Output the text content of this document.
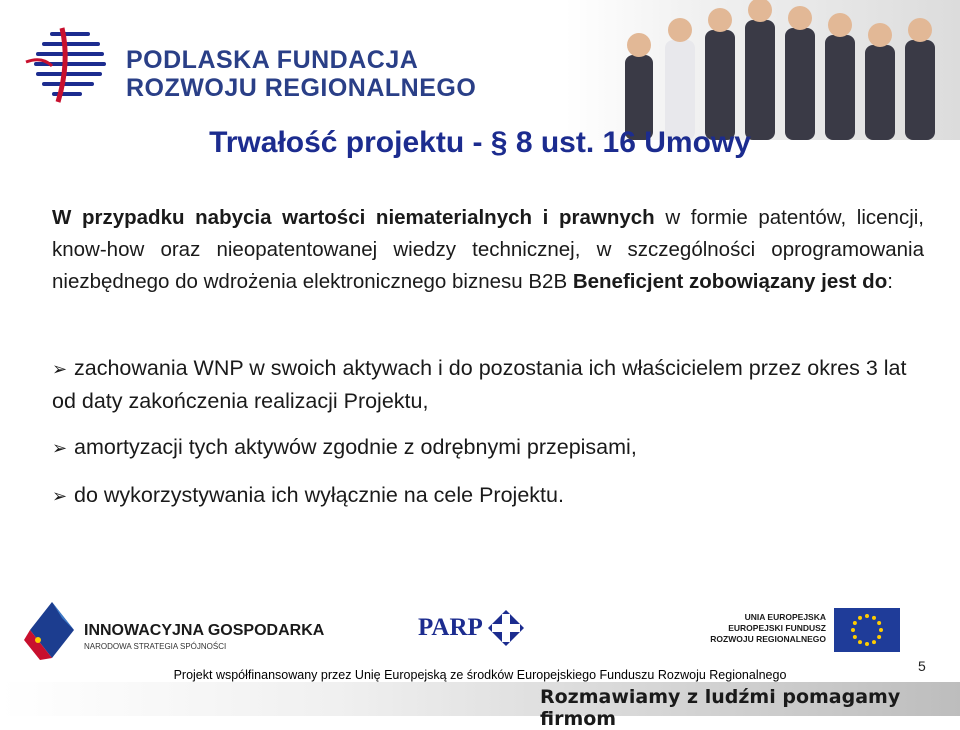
PODLASKA FUNDACJA
ROZWOJU REGIONALNEGO
Trwałość projektu - § 8 ust. 16 Umowy
W przypadku nabycia wartości niematerialnych i prawnych w formie patentów, licencji, know-how oraz nieopatentowanej wiedzy technicznej, w szczególności oprogramowania niezbędnego do wdrożenia elektronicznego biznesu B2B Beneficjent zobowiązany jest do:
➢ zachowania WNP w swoich aktywach i do pozostania ich właścicielem przez okres 3 lat od daty zakończenia realizacji Projektu,
➢ amortyzacji tych aktywów zgodnie z odrębnymi przepisami,
➢ do wykorzystywania ich wyłącznie na cele Projektu.
INNOWACYJNA GOSPODARKA
NARODOWA STRATEGIA SPÓJNOŚCI
PARP	UNIA EUROPEJSKA
EUROPEJSKI FUNDUSZ
ROZWOJU REGIONALNEGO
5
Projekt współfinansowany przez Unię Europejską ze środków Europejskiego Funduszu Rozwoju Regionalnego
Rozmawiamy z ludźmi pomagamy firmom
